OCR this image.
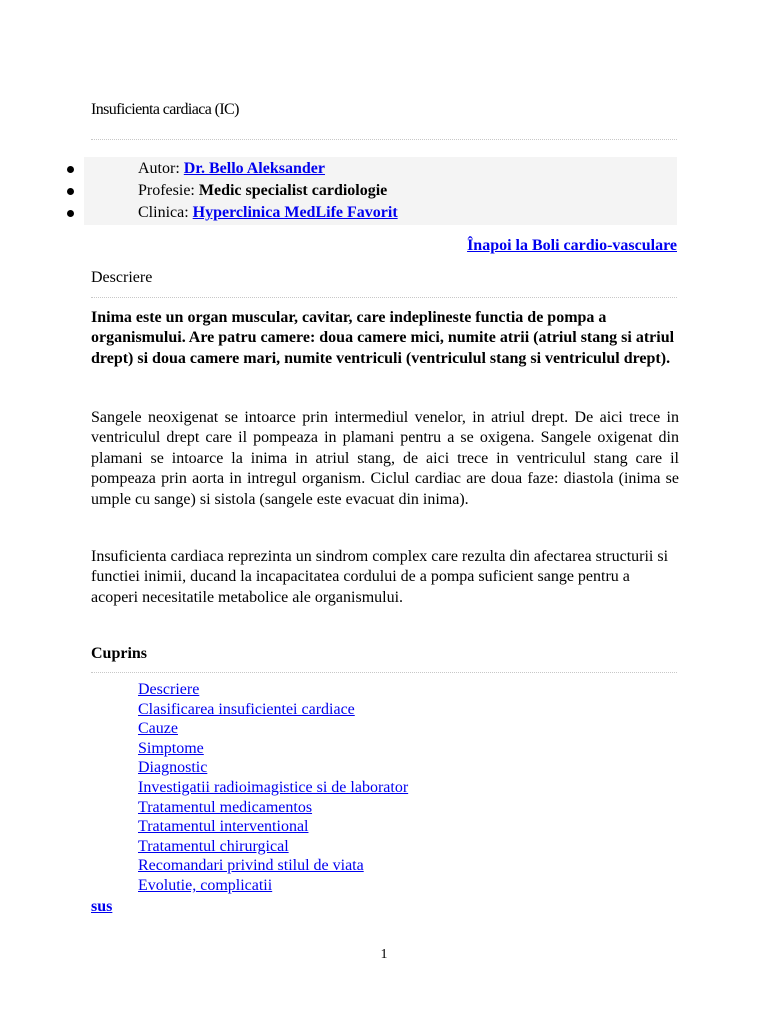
Insuficienta cardiaca (IC)
Autor: Dr. Bello Aleksander
Profesie: Medic specialist cardiologie
Clinica: Hyperclinica MedLife Favorit
Înapoi la Boli cardio-vasculare
Descriere

Inima este un organ muscular, cavitar, care indeplineste functia de pompa a organismului. Are patru camere: doua camere mici, numite atrii (atriul stang si atriul drept) si doua camere mari, numite ventriculi (ventriculul stang si ventriculul drept).

Sangele neoxigenat se intoarce prin intermediul venelor, in atriul drept. De aici trece in ventriculul drept care il pompeaza in plamani pentru a se oxigena. Sangele oxigenat din plamani se intoarce la inima in atriul stang, de aici trece in ventriculul stang care il pompeaza prin aorta in intregul organism. Ciclul cardiac are doua faze: diastola (inima se umple cu sange) si sistola (sangele este evacuat din inima).

Insuficienta cardiaca reprezinta un sindrom complex care rezulta din afectarea structurii si functiei inimii, ducand la incapacitatea cordului de a pompa suficient sange pentru a acoperi necesitatile metabolice ale organismului.

Cuprins
Descriere
Clasificarea insuficientei cardiace
Cauze
Simptome
Diagnostic
Investigatii radioimagistice si de laborator
Tratamentul medicamentos
Tratamentul interventional
Tratamentul chirurgical
Recomandari privind stilul de viata
Evolutie, complicatii
sus
1
